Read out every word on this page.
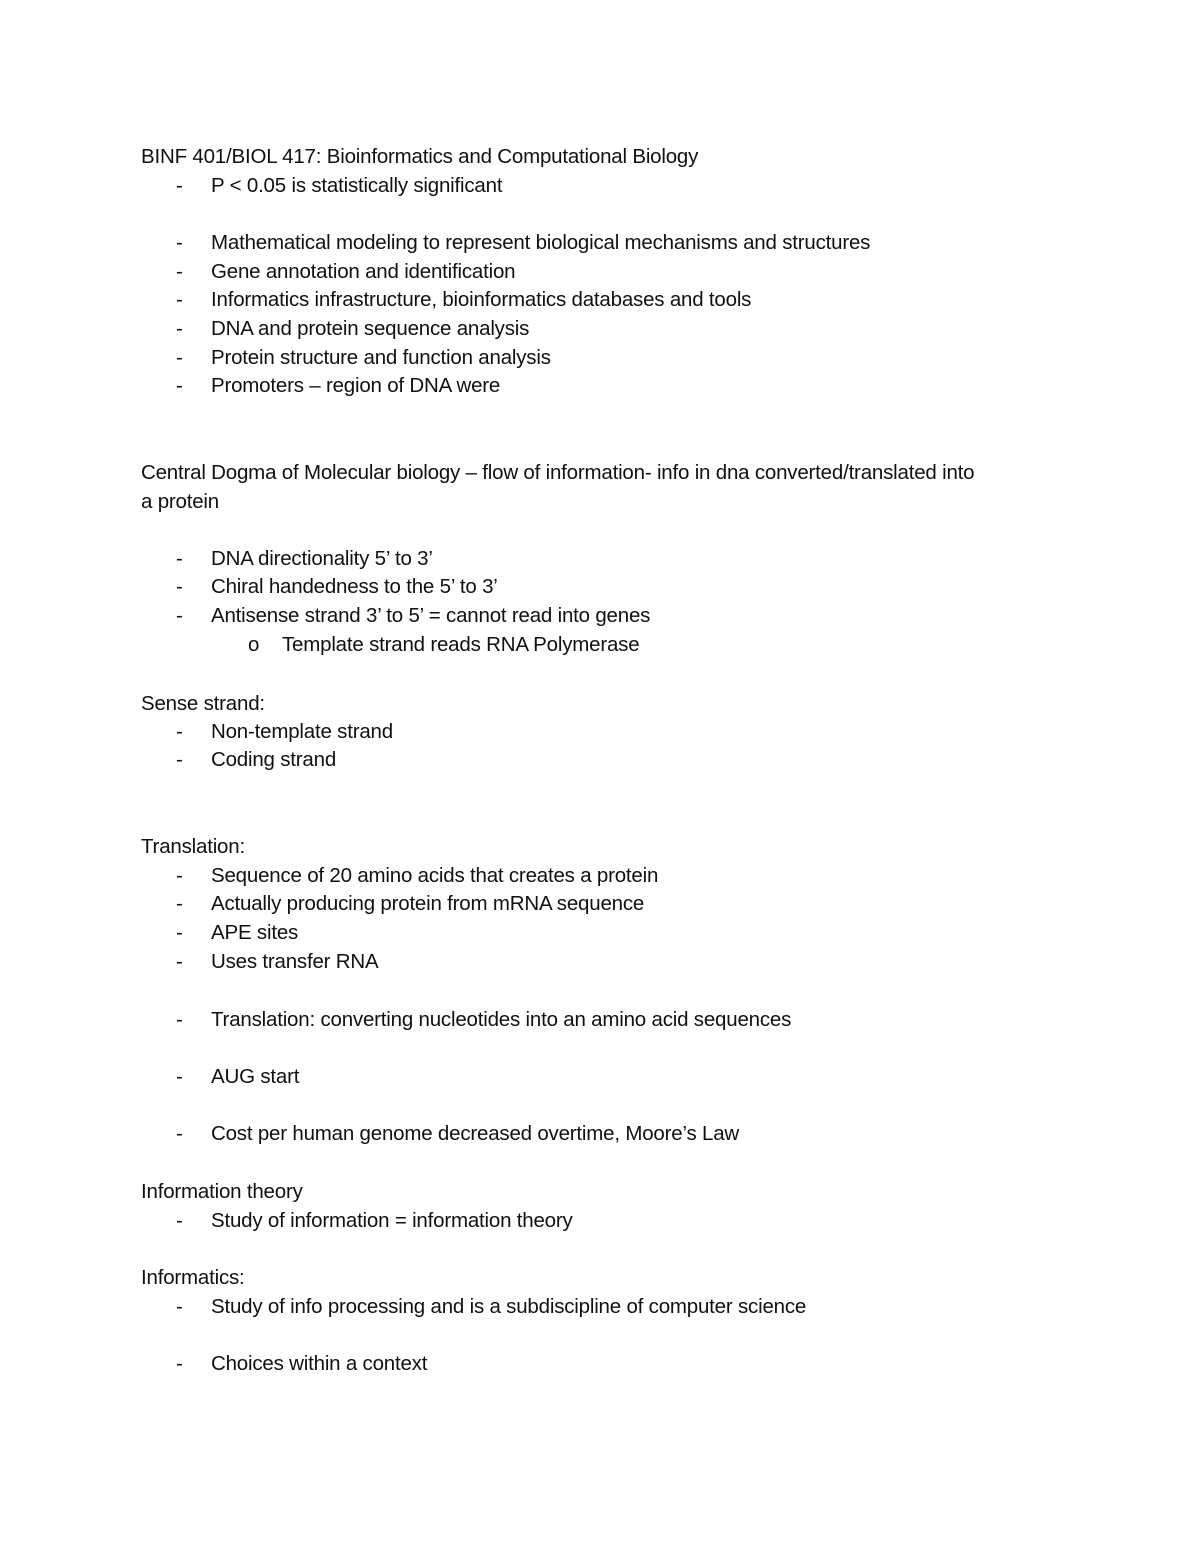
BINF 401/BIOL 417: Bioinformatics and Computational Biology
- P < 0.05 is statistically significant
- Mathematical modeling to represent biological mechanisms and structures
- Gene annotation and identification
- Informatics infrastructure, bioinformatics databases and tools
- DNA and protein sequence analysis
- Protein structure and function analysis
- Promoters – region of DNA were
Central Dogma of Molecular biology – flow of information- info in dna converted/translated into
a protein
- DNA directionality 5’ to 3’
- Chiral handedness to the 5’ to 3’
- Antisense strand 3’ to 5’ = cannot read into genes
o Template strand reads RNA Polymerase
Sense strand:
- Non-template strand
- Coding strand
Translation:
- Sequence of 20 amino acids that creates a protein
- Actually producing protein from mRNA sequence
- APE sites
- Uses transfer RNA
- Translation: converting nucleotides into an amino acid sequences
- AUG start
- Cost per human genome decreased overtime, Moore’s Law
Information theory
- Study of information = information theory
Informatics:
- Study of info processing and is a subdiscipline of computer science
- Choices within a context
